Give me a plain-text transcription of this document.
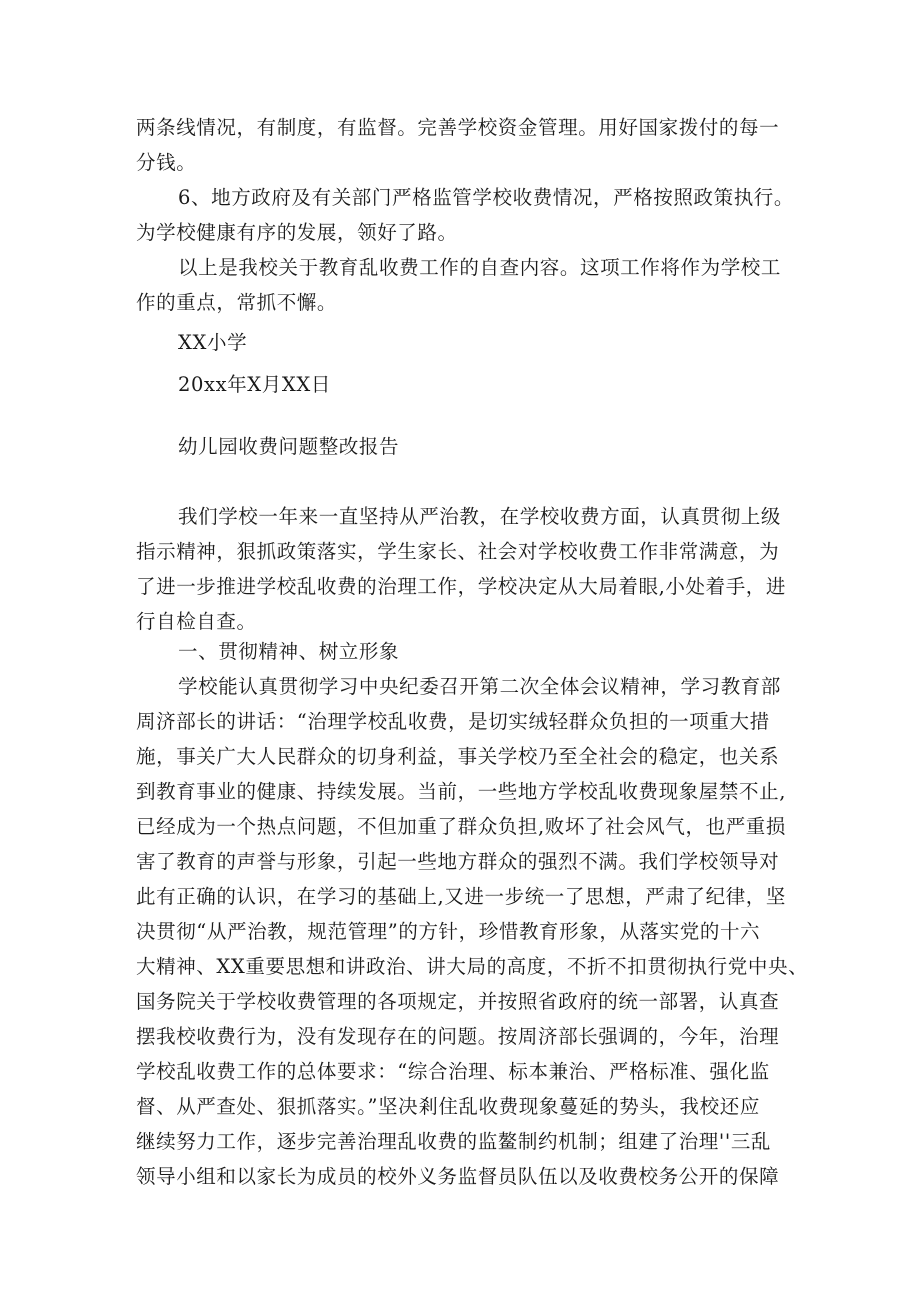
两条线情况，有制度，有监督。完善学校资金管理。用好国家拨付的每一
分钱。
6、地方政府及有关部门严格监管学校收费情况，严格按照政策执行。
为学校健康有序的发展，领好了路。
以上是我校关于教育乱收费工作的自查内容。这项工作将作为学校工
作的重点，常抓不懈。
XX小学
20xx年X月XX日
幼儿园收费问题整改报告
我们学校一年来一直坚持从严治教，在学校收费方面，认真贯彻上级
指示精神，狠抓政策落实，学生家长、社会对学校收费工作非常满意，为
了进一步推进学校乱收费的治理工作，学校决定从大局着眼,小处着手，进
行自检自查。
一、贯彻精神、树立形象
学校能认真贯彻学习中央纪委召开第二次全体会议精神，学习教育部
周济部长的讲话：“治理学校乱收费，是切实绒轻群众负担的一项重大措
施，事关广大人民群众的切身利益，事关学校乃至全社会的稳定，也关系
到教育事业的健康、持续发展。当前，一些地方学校乱收费现象屋禁不止,
已经成为一个热点问题，不但加重了群众负担,败坏了社会风气，也严重损
害了教育的声誉与形象，引起一些地方群众的强烈不满。我们学校领导对
此有正确的认识，在学习的基础上,又进一步统一了思想，严肃了纪律，坚
决贯彻“从严治教，规范管理”的方针，珍惜教育形象，从落实党的十六
大精神、XX重要思想和讲政治、讲大局的高度，不折不扣贯彻执行党中央、
国务院关于学校收费管理的各项规定，并按照省政府的统一部署，认真查
摆我校收费行为，没有发现存在的问题。按周济部长强调的，今年，治理
学校乱收费工作的总体要求：“综合治理、标本兼治、严格标准、强化监
督、从严查处、狠抓落实。”坚决剎住乱收费现象蔓延的势头，我校还应
继续努力工作，逐步完善治理乱收费的监鳌制约机制；组建了治理''三乱
领导小组和以家长为成员的校外义务监督员队伍以及收费校务公开的保障
